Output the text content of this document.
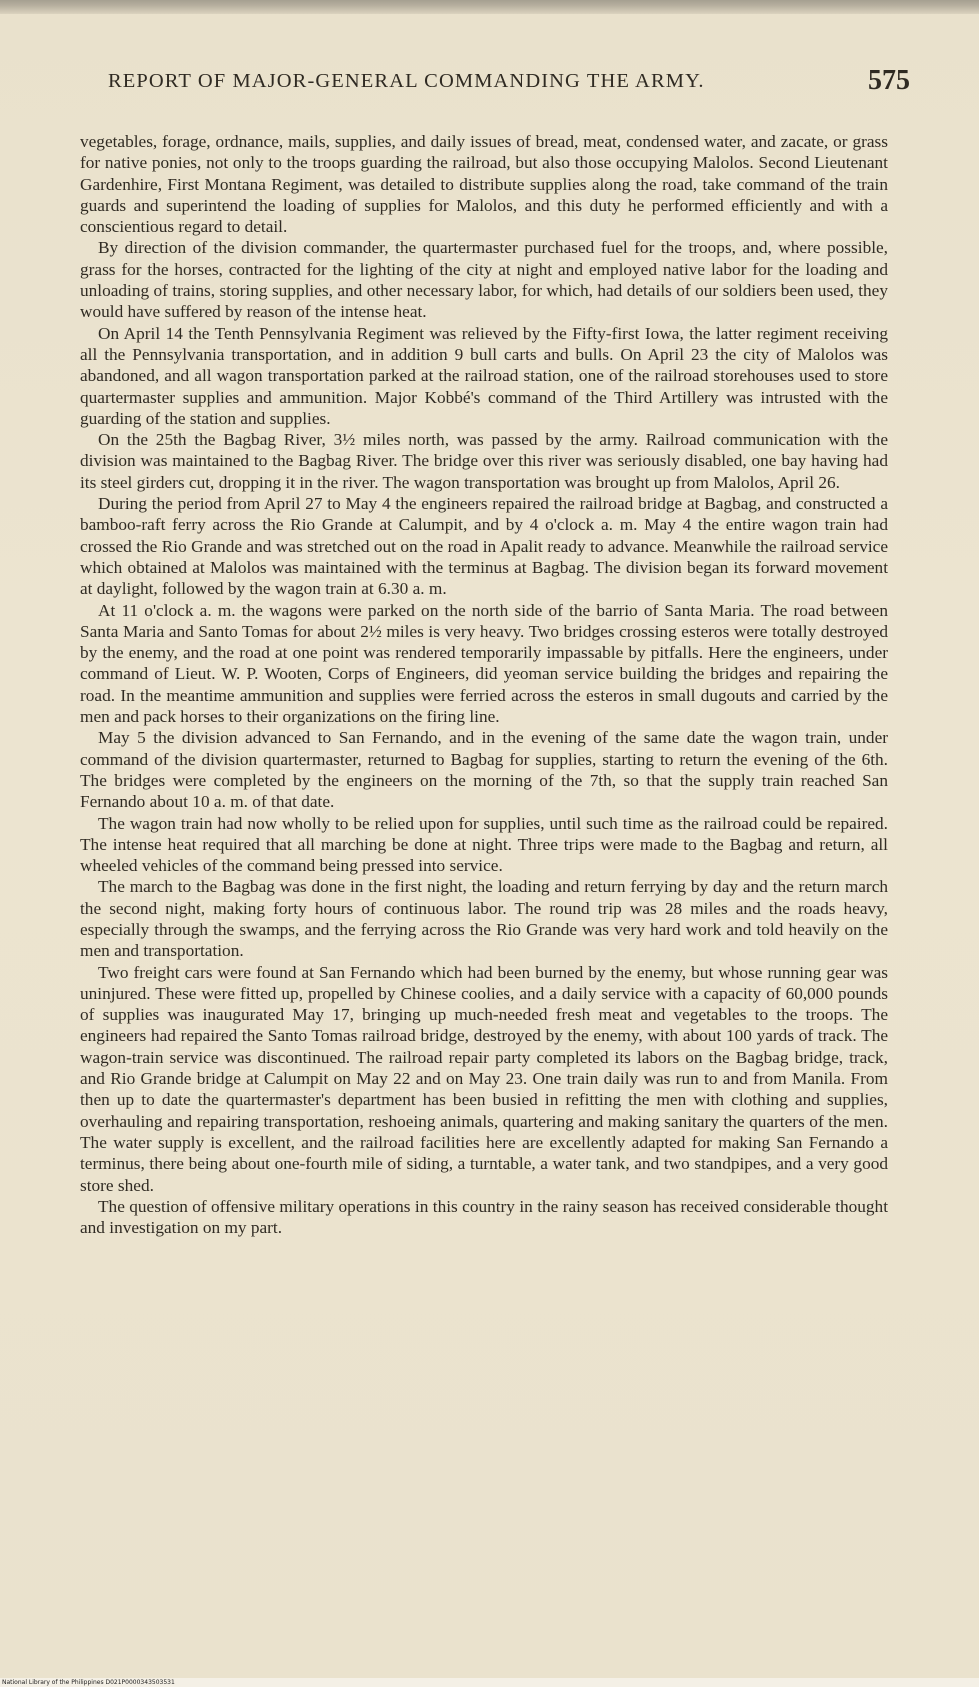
REPORT OF MAJOR-GENERAL COMMANDING THE ARMY.	575

vegetables, forage, ordnance, mails, supplies, and daily issues of bread, meat, condensed water, and zacate, or grass for native ponies, not only to the troops guarding the railroad, but also those occupying Malolos. Second Lieutenant Gardenhire, First Montana Regiment, was detailed to distribute supplies along the road, take command of the train guards and superintend the loading of supplies for Malolos, and this duty he performed efficiently and with a conscientious regard to detail.

By direction of the division commander, the quartermaster purchased fuel for the troops, and, where possible, grass for the horses, contracted for the lighting of the city at night and employed native labor for the loading and unloading of trains, storing supplies, and other necessary labor, for which, had details of our soldiers been used, they would have suffered by reason of the intense heat.

On April 14 the Tenth Pennsylvania Regiment was relieved by the Fifty-first Iowa, the latter regiment receiving all the Pennsylvania transportation, and in addition 9 bull carts and bulls. On April 23 the city of Malolos was abandoned, and all wagon transportation parked at the railroad station, one of the railroad storehouses used to store quartermaster supplies and ammunition. Major Kobbé's command of the Third Artillery was intrusted with the guarding of the station and supplies.

On the 25th the Bagbag River, 3½ miles north, was passed by the army. Railroad communication with the division was maintained to the Bagbag River. The bridge over this river was seriously disabled, one bay having had its steel girders cut, dropping it in the river. The wagon transportation was brought up from Malolos, April 26.

During the period from April 27 to May 4 the engineers repaired the railroad bridge at Bagbag, and constructed a bamboo-raft ferry across the Rio Grande at Calumpit, and by 4 o'clock a. m. May 4 the entire wagon train had crossed the Rio Grande and was stretched out on the road in Apalit ready to advance. Meanwhile the railroad service which obtained at Malolos was maintained with the terminus at Bagbag. The division began its forward movement at daylight, followed by the wagon train at 6.30 a. m.

At 11 o'clock a. m. the wagons were parked on the north side of the barrio of Santa Maria. The road between Santa Maria and Santo Tomas for about 2½ miles is very heavy. Two bridges crossing esteros were totally destroyed by the enemy, and the road at one point was rendered temporarily impassable by pitfalls. Here the engineers, under command of Lieut. W. P. Wooten, Corps of Engineers, did yeoman service building the bridges and repairing the road. In the meantime ammunition and supplies were ferried across the esteros in small dugouts and carried by the men and pack horses to their organizations on the firing line.

May 5 the division advanced to San Fernando, and in the evening of the same date the wagon train, under command of the division quartermaster, returned to Bagbag for supplies, starting to return the evening of the 6th. The bridges were completed by the engineers on the morning of the 7th, so that the supply train reached San Fernando about 10 a. m. of that date.

The wagon train had now wholly to be relied upon for supplies, until such time as the railroad could be repaired. The intense heat required that all marching be done at night. Three trips were made to the Bagbag and return, all wheeled vehicles of the command being pressed into service.

The march to the Bagbag was done in the first night, the loading and return ferrying by day and the return march the second night, making forty hours of continuous labor. The round trip was 28 miles and the roads heavy, especially through the swamps, and the ferrying across the Rio Grande was very hard work and told heavily on the men and transportation.

Two freight cars were found at San Fernando which had been burned by the enemy, but whose running gear was uninjured. These were fitted up, propelled by Chinese coolies, and a daily service with a capacity of 60,000 pounds of supplies was inaugurated May 17, bringing up much-needed fresh meat and vegetables to the troops. The engineers had repaired the Santo Tomas railroad bridge, destroyed by the enemy, with about 100 yards of track. The wagon-train service was discontinued. The railroad repair party completed its labors on the Bagbag bridge, track, and Rio Grande bridge at Calumpit on May 22 and on May 23. One train daily was run to and from Manila. From then up to date the quartermaster's department has been busied in refitting the men with clothing and supplies, overhauling and repairing transportation, reshoeing animals, quartering and making sanitary the quarters of the men. The water supply is excellent, and the railroad facilities here are excellently adapted for making San Fernando a terminus, there being about one-fourth mile of siding, a turntable, a water tank, and two standpipes, and a very good store shed.

The question of offensive military operations in this country in the rainy season has received considerable thought and investigation on my part.

National Library of the Philippines D021P0000343503531
